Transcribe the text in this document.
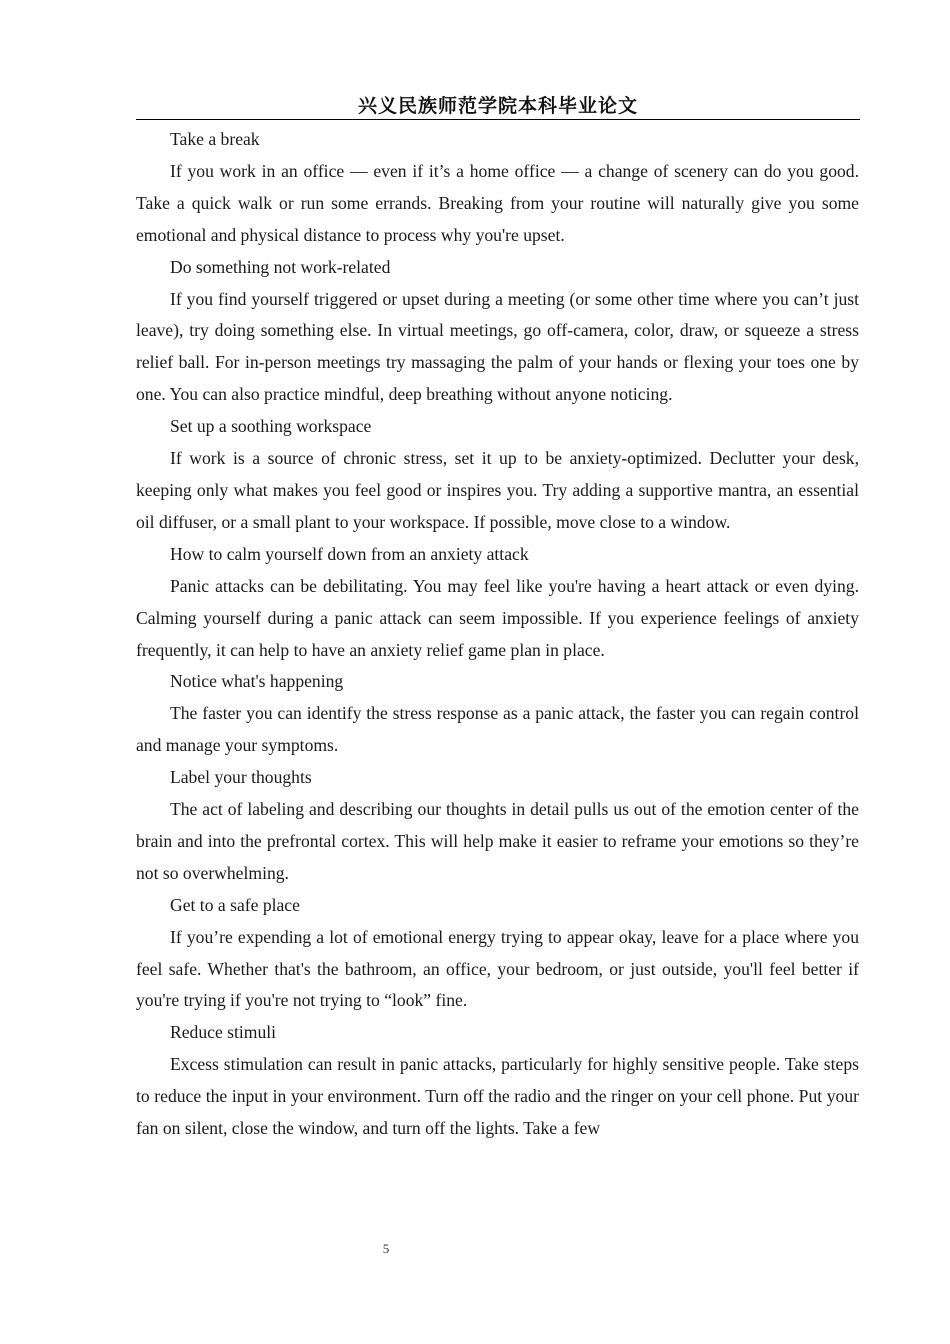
兴义民族师范学院本科毕业论文

Take a break

If you work in an office — even if it’s a home office — a change of scenery can do you good. Take a quick walk or run some errands. Breaking from your routine will naturally give you some emotional and physical distance to process why you're upset.

Do something not work-related

If you find yourself triggered or upset during a meeting (or some other time where you can’t just leave), try doing something else. In virtual meetings, go off-camera, color, draw, or squeeze a stress relief ball. For in-person meetings try massaging the palm of your hands or flexing your toes one by one. You can also practice mindful, deep breathing without anyone noticing.

Set up a soothing workspace

If work is a source of chronic stress, set it up to be anxiety-optimized. Declutter your desk, keeping only what makes you feel good or inspires you. Try adding a supportive mantra, an essential oil diffuser, or a small plant to your workspace. If possible, move close to a window.

How to calm yourself down from an anxiety attack

Panic attacks can be debilitating. You may feel like you're having a heart attack or even dying. Calming yourself during a panic attack can seem impossible. If you experience feelings of anxiety frequently, it can help to have an anxiety relief game plan in place.

Notice what's happening

The faster you can identify the stress response as a panic attack, the faster you can regain control and manage your symptoms.

Label your thoughts

The act of labeling and describing our thoughts in detail pulls us out of the emotion center of the brain and into the prefrontal cortex. This will help make it easier to reframe your emotions so they’re not so overwhelming.

Get to a safe place

If you’re expending a lot of emotional energy trying to appear okay, leave for a place where you feel safe. Whether that's the bathroom, an office, your bedroom, or just outside, you'll feel better if you're trying if you're not trying to “look” fine.

Reduce stimuli

Excess stimulation can result in panic attacks, particularly for highly sensitive people. Take steps to reduce the input in your environment. Turn off the radio and the ringer on your cell phone. Put your fan on silent, close the window, and turn off the lights. Take a few

5
